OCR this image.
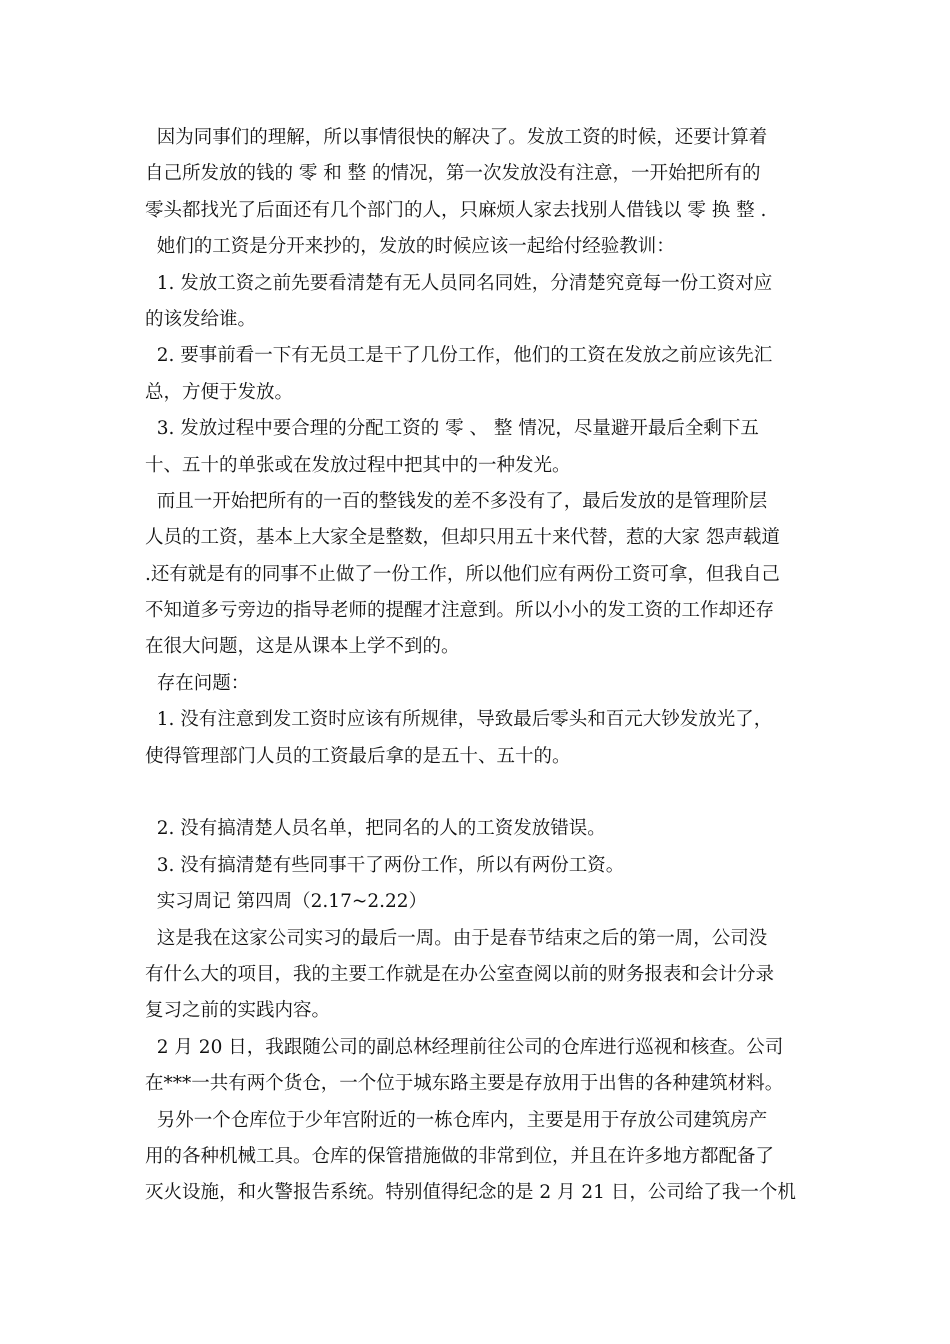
因为同事们的理解，所以事情很快的解决了。发放工资的时候，还要计算着
自己所发放的钱的 零 和 整 的情况，第一次发放没有注意，一开始把所有的
零头都找光了后面还有几个部门的人，只麻烦人家去找别人借钱以 零 换 整 .
她们的工资是分开来抄的，发放的时候应该一起给付经验教训：
1. 发放工资之前先要看清楚有无人员同名同姓，分清楚究竟每一份工资对应
的该发给谁。
2. 要事前看一下有无员工是干了几份工作，他们的工资在发放之前应该先汇
总，方便于发放。
3. 发放过程中要合理的分配工资的 零 、 整 情况，尽量避开最后全剩下五
十、五十的单张或在发放过程中把其中的一种发光。
而且一开始把所有的一百的整钱发的差不多没有了，最后发放的是管理阶层
人员的工资，基本上大家全是整数，但却只用五十来代替，惹的大家 怨声载道
.还有就是有的同事不止做了一份工作，所以他们应有两份工资可拿，但我自己
不知道多亏旁边的指导老师的提醒才注意到。所以小小的发工资的工作却还存
在很大问题，这是从课本上学不到的。
存在问题：
1. 没有注意到发工资时应该有所规律，导致最后零头和百元大钞发放光了，
使得管理部门人员的工资最后拿的是五十、五十的。
2. 没有搞清楚人员名单，把同名的人的工资发放错误。
3. 没有搞清楚有些同事干了两份工作，所以有两份工资。
实习周记 第四周（2.17~2.22）
这是我在这家公司实习的最后一周。由于是春节结束之后的第一周，公司没
有什么大的项目，我的主要工作就是在办公室查阅以前的财务报表和会计分录
复习之前的实践内容。
2 月 20 日，我跟随公司的副总林经理前往公司的仓库进行巡视和核查。公司
在***一共有两个货仓，一个位于城东路主要是存放用于出售的各种建筑材料。
另外一个仓库位于少年宫附近的一栋仓库内，主要是用于存放公司建筑房产
用的各种机械工具。仓库的保管措施做的非常到位，并且在许多地方都配备了
灭火设施，和火警报告系统。特别值得纪念的是 2 月 21 日，公司给了我一个机
